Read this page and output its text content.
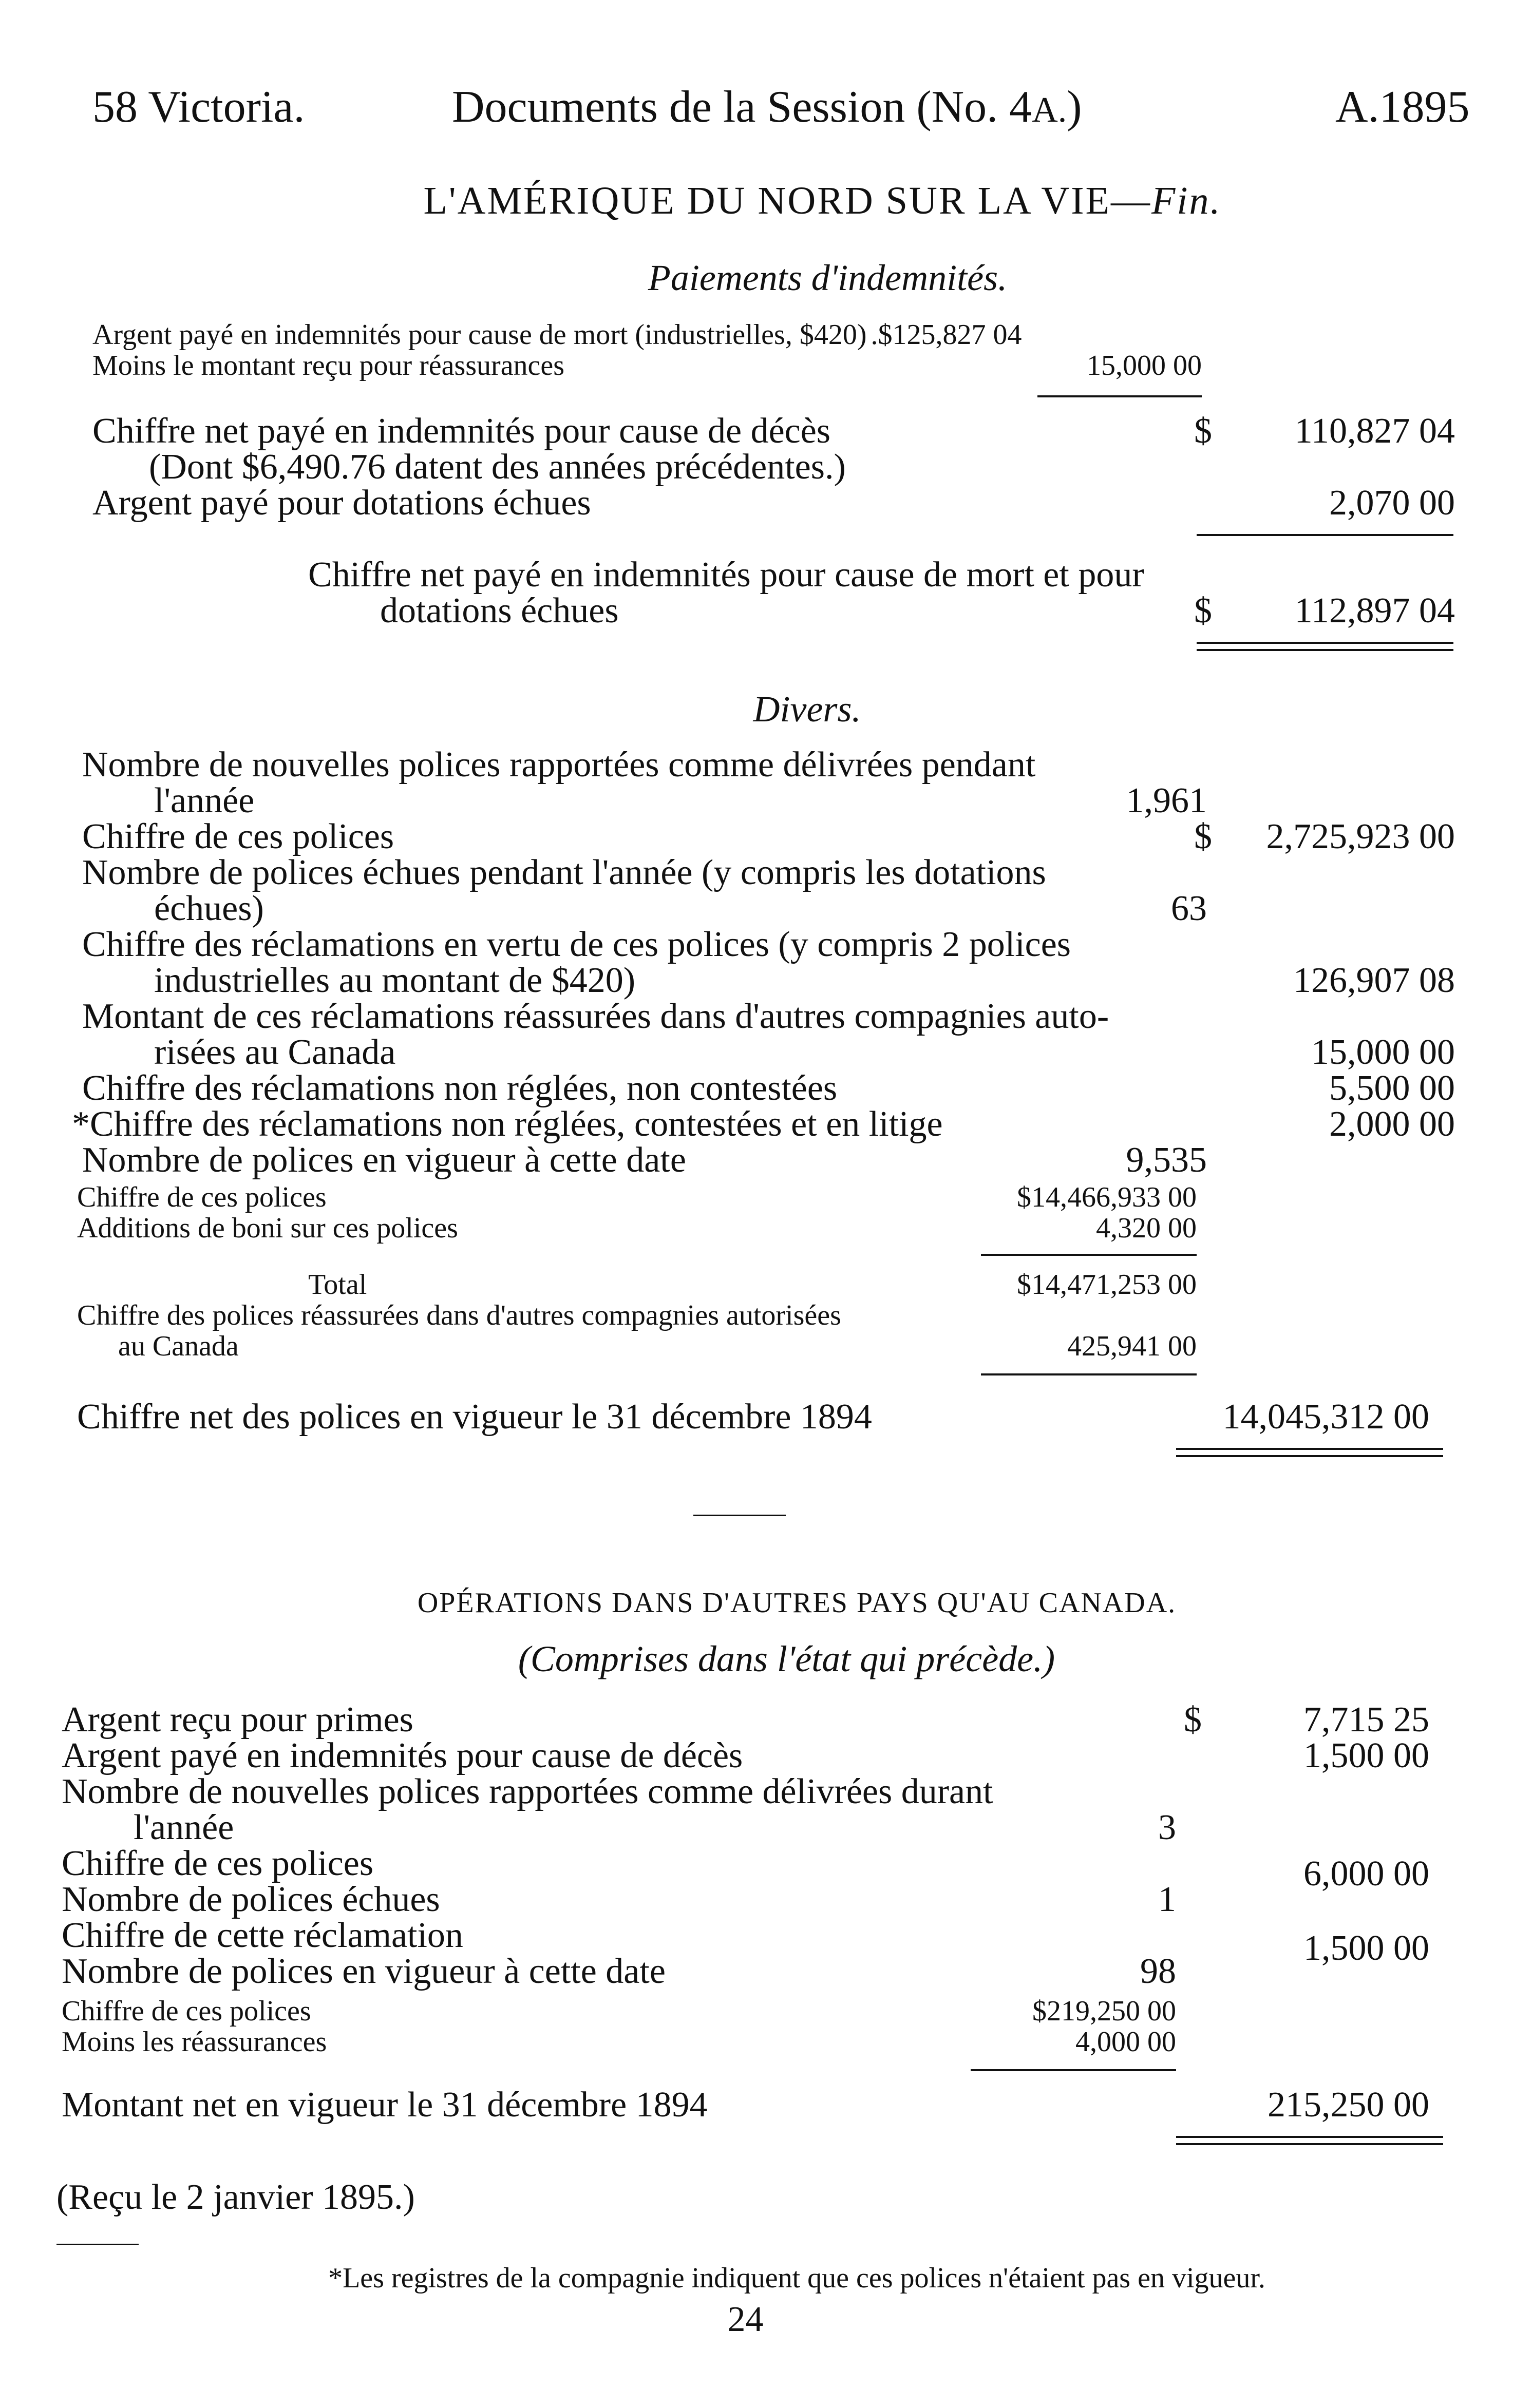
58 Victoria.	Documents de la Session (No. 4A.)	A.1895
L'AMÉRIQUE DU NORD SUR LA VIE—Fin.
Paiements d'indemnités.
Argent payé en indemnités pour cause de mort (industrielles, $420) .$125,827 04
Moins le montant reçu pour réassurances	15,000 00
Chiffre net payé en indemnités pour cause de décès	$ 110,827 04
(Dont $6,490.76 datent des années précédentes.)
Argent payé pour dotations échues	2,070 00
Chiffre net payé en indemnités pour cause de mort et pour
dotations échues	$ 112,897 04
Divers.
Nombre de nouvelles polices rapportées comme délivrées pendant
l'année	1,961
Chiffre de ces polices	$ 2,725,923 00
Nombre de polices échues pendant l'année (y compris les dotations
échues)	63
Chiffre des réclamations en vertu de ces polices (y compris 2 polices
industrielles au montant de $420)	126,907 08
Montant de ces réclamations réassurées dans d'autres compagnies auto-
risées au Canada	15,000 00
Chiffre des réclamations non réglées, non contestées	5,500 00
*Chiffre des réclamations non réglées, contestées et en litige	2,000 00
Nombre de polices en vigueur à cette date	9,535
Chiffre de ces polices	$14,466,933 00
Additions de boni sur ces polices	4,320 00
Total	$14,471,253 00
Chiffre des polices réassurées dans d'autres compagnies autorisées
au Canada	425,941 00
Chiffre net des polices en vigueur le 31 décembre 1894	14,045,312 00
OPÉRATIONS DANS D'AUTRES PAYS QU'AU CANADA.
(Comprises dans l'état qui précède.)
Argent reçu pour primes	$	7,715 25
Argent payé en indemnités pour cause de décès	1,500 00
Nombre de nouvelles polices rapportées comme délivrées durant
l'année	3
Chiffre de ces polices	6,000 00
Nombre de polices échues	1
Chiffre de cette réclamation	1,500 00
Nombre de polices en vigueur à cette date	98
Chiffre de ces polices	$219,250 00
Moins les réassurances	4,000 00
Montant net en vigueur le 31 décembre 1894	215,250 00
(Reçu le 2 janvier 1895.)
*Les registres de la compagnie indiquent que ces polices n'étaient pas en vigueur.
24
